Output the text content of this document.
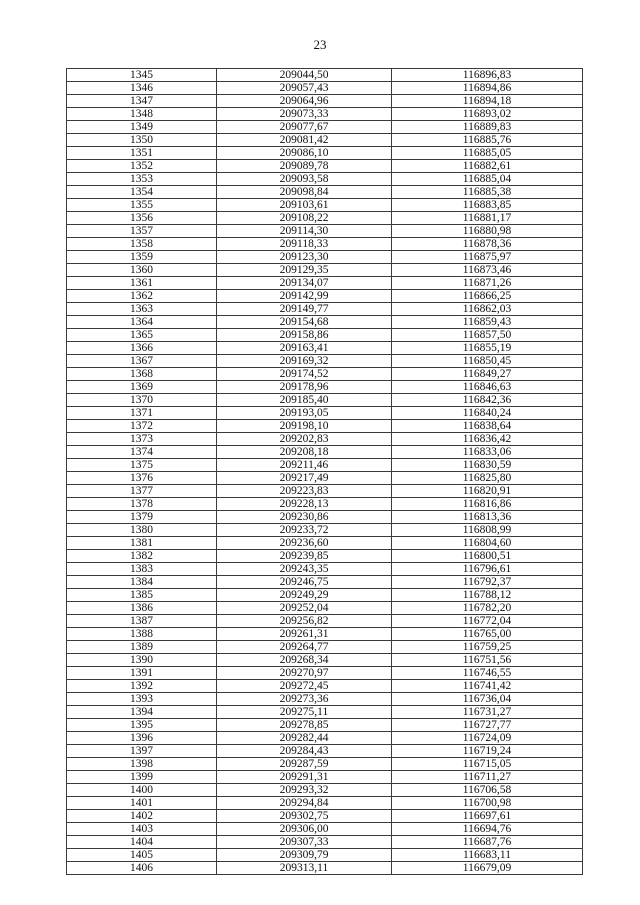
23
1345	209044,50	116896,83
1346	209057,43	116894,86
1347	209064,96	116894,18
1348	209073,33	116893,02
1349	209077,67	116889,83
1350	209081,42	116885,76
1351	209086,10	116885,05
1352	209089,78	116882,61
1353	209093,58	116885,04
1354	209098,84	116885,38
1355	209103,61	116883,85
1356	209108,22	116881,17
1357	209114,30	116880,98
1358	209118,33	116878,36
1359	209123,30	116875,97
1360	209129,35	116873,46
1361	209134,07	116871,26
1362	209142,99	116866,25
1363	209149,77	116862,03
1364	209154,68	116859,43
1365	209158,86	116857,50
1366	209163,41	116855,19
1367	209169,32	116850,45
1368	209174,52	116849,27
1369	209178,96	116846,63
1370	209185,40	116842,36
1371	209193,05	116840,24
1372	209198,10	116838,64
1373	209202,83	116836,42
1374	209208,18	116833,06
1375	209211,46	116830,59
1376	209217,49	116825,80
1377	209223,83	116820,91
1378	209228,13	116816,86
1379	209230,86	116813,36
1380	209233,72	116808,99
1381	209236,60	116804,60
1382	209239,85	116800,51
1383	209243,35	116796,61
1384	209246,75	116792,37
1385	209249,29	116788,12
1386	209252,04	116782,20
1387	209256,82	116772,04
1388	209261,31	116765,00
1389	209264,77	116759,25
1390	209268,34	116751,56
1391	209270,97	116746,55
1392	209272,45	116741,42
1393	209273,36	116736,04
1394	209275,11	116731,27
1395	209278,85	116727,77
1396	209282,44	116724,09
1397	209284,43	116719,24
1398	209287,59	116715,05
1399	209291,31	116711,27
1400	209293,32	116706,58
1401	209294,84	116700,98
1402	209302,75	116697,61
1403	209306,00	116694,76
1404	209307,33	116687,76
1405	209309,79	116683,11
1406	209313,11	116679,09
